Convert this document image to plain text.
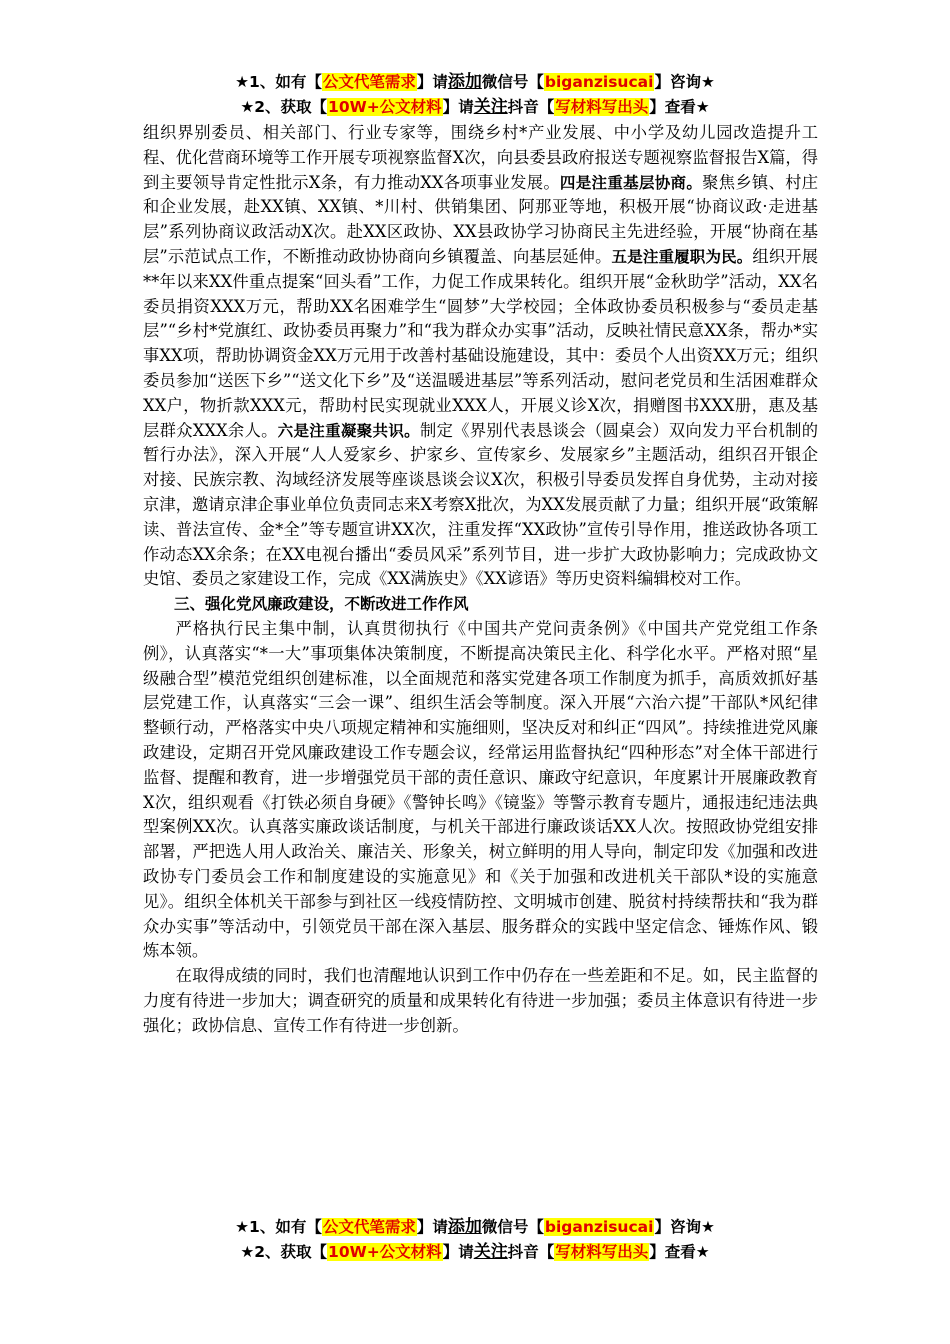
★1、如有【公文代笔需求】请添加微信号【biganzisucai】咨询★
★2、获取【10W+公文材料】请关注抖音【写材料写出头】查看★

组织界别委员、相关部门、行业专家等，围绕乡村*产业发展、中小学及幼儿园改造提升工程、优化营商环境等工作开展专项视察监督X次，向县委县政府报送专题视察监督报告X篇，得到主要领导肯定性批示X条，有力推动XX各项事业发展。四是注重基层协商。聚焦乡镇、村庄和企业发展，赴XX镇、XX镇、*川村、供销集团、阿那亚等地，积极开展“协商议政·走进基层”系列协商议政活动X次。赴XX区政协、XX县政协学习协商民主先进经验，开展“协商在基层”示范试点工作，不断推动政协协商向乡镇覆盖、向基层延伸。五是注重履职为民。组织开展**年以来XX件重点提案“回头看”工作，力促工作成果转化。组织开展“金秋助学”活动，XX名委员捐资XXX万元，帮助XX名困难学生“圆梦”大学校园；全体政协委员积极参与“委员走基层”“乡村*党旗红、政协委员再聚力”和“我为群众办实事”活动，反映社情民意XX条，帮办*实事XX项，帮助协调资金XX万元用于改善村基础设施建设，其中：委员个人出资XX万元；组织委员参加“送医下乡”“送文化下乡”及“送温暖进基层”等系列活动，慰问老党员和生活困难群众XX户，物折款XXX元，帮助村民实现就业XXX人，开展义诊X次，捐赠图书XXX册，惠及基层群众XXX余人。六是注重凝聚共识。制定《界别代表恳谈会（圆桌会）双向发力平台机制的暂行办法》，深入开展“人人爱家乡、护家乡、宣传家乡、发展家乡”主题活动，组织召开银企对接、民族宗教、沟域经济发展等座谈恳谈会议X次，积极引导委员发挥自身优势，主动对接京津，邀请京津企事业单位负责同志来X考察X批次，为XX发展贡献了力量；组织开展“政策解读、普法宣传、金*全”等专题宣讲XX次，注重发挥“XX政协”宣传引导作用，推送政协各项工作动态XX余条；在XX电视台播出“委员风采”系列节目，进一步扩大政协影响力；完成政协文史馆、委员之家建设工作，完成《XX满族史》《XX谚语》等历史资料编辑校对工作。

三、强化党风廉政建设，不断改进工作作风

严格执行民主集中制，认真贯彻执行《中国共产党问责条例》《中国共产党党组工作条例》，认真落实“*一大”事项集体决策制度，不断提高决策民主化、科学化水平。严格对照“星级融合型”模范党组织创建标准，以全面规范和落实党建各项工作制度为抓手，高质效抓好基层党建工作，认真落实“三会一课”、组织生活会等制度。深入开展“六治六提”干部队*风纪律整顿行动，严格落实中央八项规定精神和实施细则，坚决反对和纠正“四风”。持续推进党风廉政建设，定期召开党风廉政建设工作专题会议，经常运用监督执纪“四种形态”对全体干部进行监督、提醒和教育，进一步增强党员干部的责任意识、廉政守纪意识，年度累计开展廉政教育X次，组织观看《打铁必须自身硬》《警钟长鸣》《镜鉴》等警示教育专题片，通报违纪违法典型案例XX次。认真落实廉政谈话制度，与机关干部进行廉政谈话XX人次。按照政协党组安排部署，严把选人用人政治关、廉洁关、形象关，树立鲜明的用人导向，制定印发《加强和改进政协专门委员会工作和制度建设的实施意见》和《关于加强和改进机关干部队*设的实施意见》。组织全体机关干部参与到社区一线疫情防控、文明城市创建、脱贫村持续帮扶和“我为群众办实事”等活动中，引领党员干部在深入基层、服务群众的实践中坚定信念、锤炼作风、锻炼本领。

在取得成绩的同时，我们也清醒地认识到工作中仍存在一些差距和不足。如，民主监督的力度有待进一步加大；调查研究的质量和成果转化有待进一步加强；委员主体意识有待进一步强化；政协信息、宣传工作有待进一步创新。

★1、如有【公文代笔需求】请添加微信号【biganzisucai】咨询★
★2、获取【10W+公文材料】请关注抖音【写材料写出头】查看★
